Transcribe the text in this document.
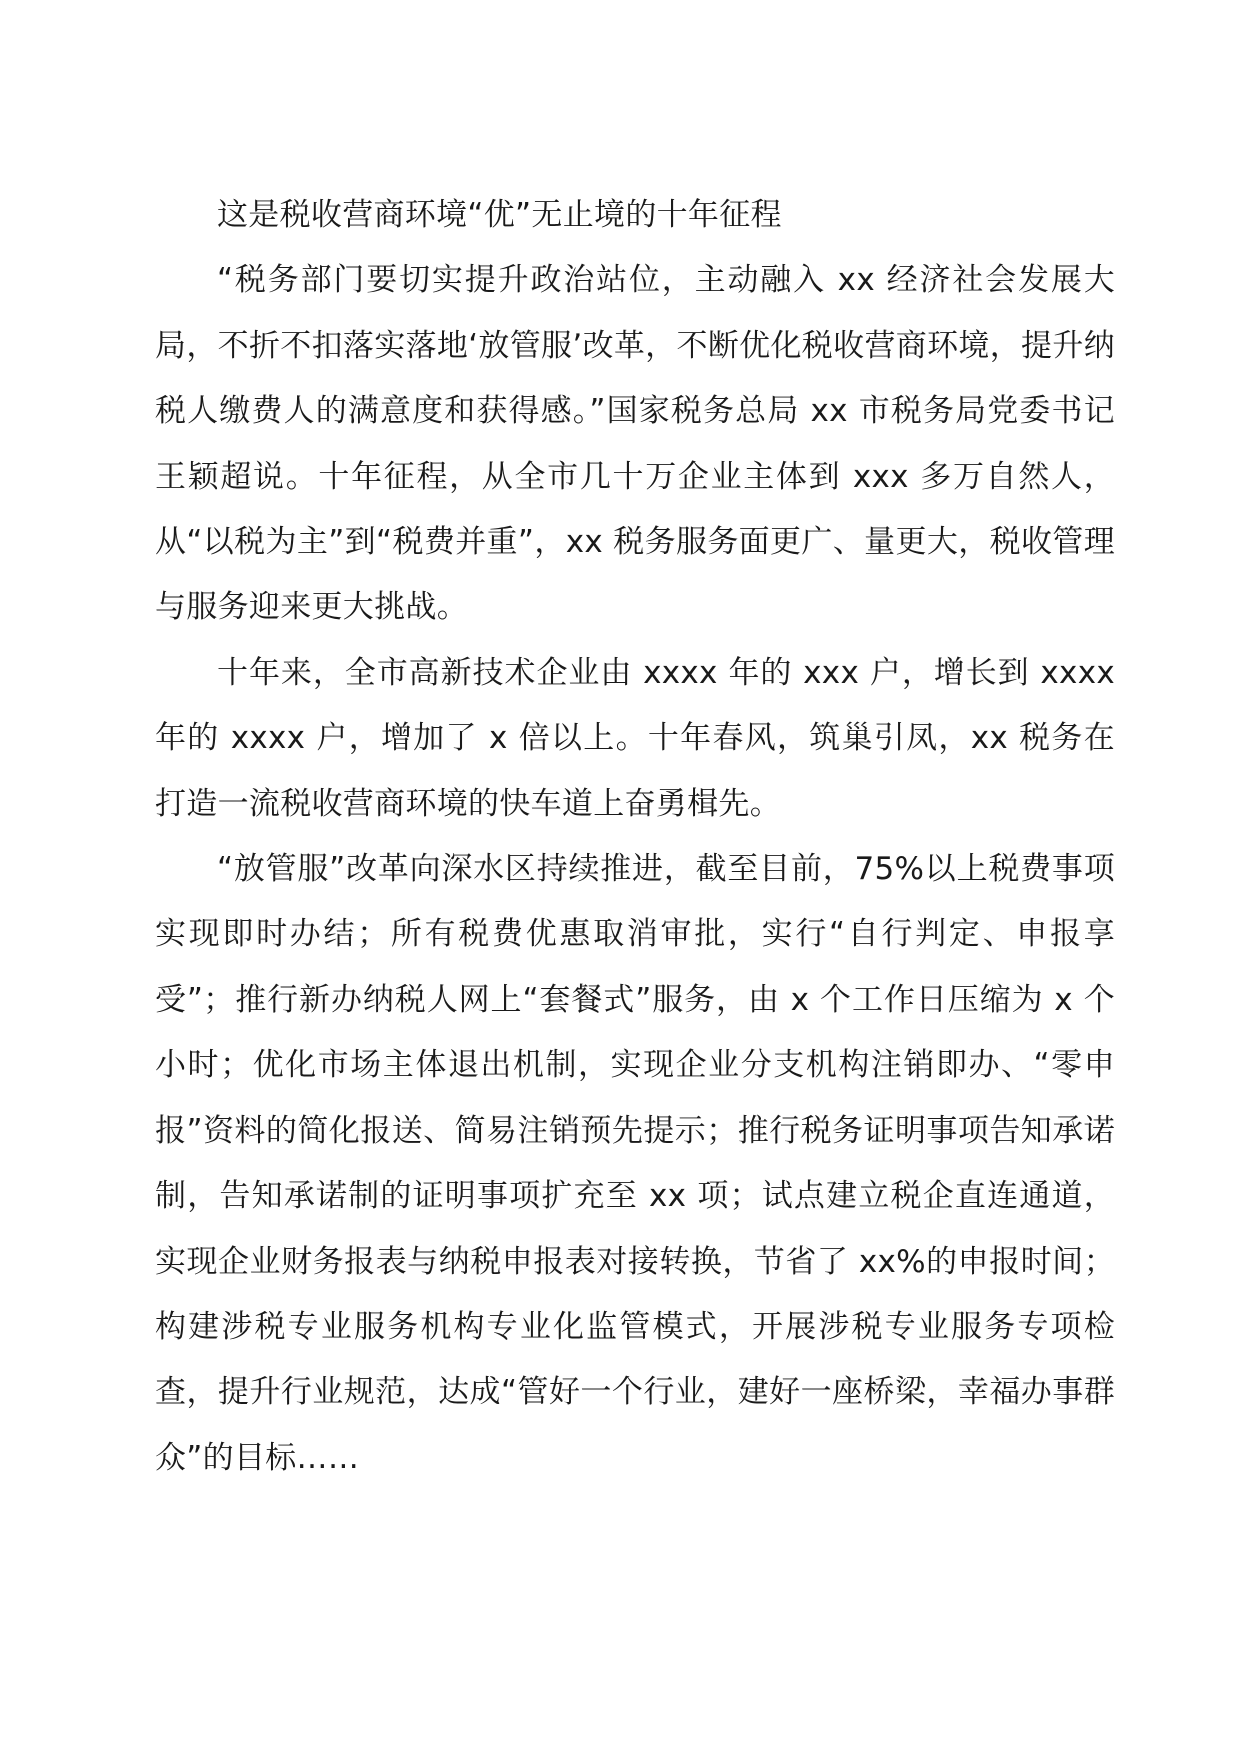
这是税收营商环境“优”无止境的十年征程

“税务部门要切实提升政治站位，主动融入 xx 经济社会发展大局，不折不扣落实落地‘放管服’改革，不断优化税收营商环境，提升纳税人缴费人的满意度和获得感。”国家税务总局 xx 市税务局党委书记王颖超说。十年征程，从全市几十万企业主体到 xxx 多万自然人，从“以税为主”到“税费并重”，xx 税务服务面更广、量更大，税收管理与服务迎来更大挑战。

十年来，全市高新技术企业由 xxxx 年的 xxx 户，增长到 xxxx 年的 xxxx 户，增加了 x 倍以上。十年春风，筑巢引凤，xx 税务在打造一流税收营商环境的快车道上奋勇楫先。

“放管服”改革向深水区持续推进，截至目前，75%以上税费事项实现即时办结；所有税费优惠取消审批，实行“自行判定、申报享受”；推行新办纳税人网上“套餐式”服务，由 x 个工作日压缩为 x 个小时；优化市场主体退出机制，实现企业分支机构注销即办、“零申报”资料的简化报送、简易注销预先提示；推行税务证明事项告知承诺制，告知承诺制的证明事项扩充至 xx 项；试点建立税企直连通道，实现企业财务报表与纳税申报表对接转换，节省了 xx%的申报时间；构建涉税专业服务机构专业化监管模式，开展涉税专业服务专项检查，提升行业规范，达成“管好一个行业，建好一座桥梁，幸福办事群众”的目标……
